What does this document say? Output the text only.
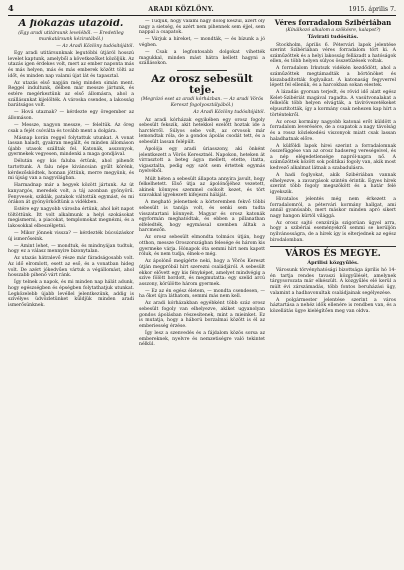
4	ARADI KÖZLÖNY.	1915. április 7.

A fiókazás utazóid.

(Egy aradi utitársunk leveléből. — Eredetileg munkatársunk kéziratából.)

— Az Aradi Közlöny tudósítójától.

Egy aradi utitársunknak legutóbbi útjáról hosszú levelet kaptunk, amelyből a következőket közöljük. Az utazás igen érdekes volt, mert az ember naponta más és más helyen, más és más emberek között tölti az időt, és minden nap valami újat lát és tapasztal.

Az utazás első napján még minden simán ment. Reggel indultunk, délben már messze jártunk, és estére megérkeztünk az első állomásra, ahol a szállásunkat kijelölték. A városka csendes, a lakosság barátságos volt.

— Hová utaznak? — kérdezte egy öregember az állomáson.

— Messze, nagyon messze, — feleltük. Az öreg csak a fejét csóválta és tovább ment a dolgára.

Másnap korán reggel folytattuk utunkat. A vonat lassan haladt, gyakran megállt, és minden állomáson újabb utasok szálltak fel. Katonák, asszonyok, gyermekek vegyesen, mindenki a maga gondjával.

Délután egy kis faluba értünk, ahol pihenőt tartottunk. A falu népe kiváncsian gyűlt körénk, kérdezősködtek, honnan jöttünk, merre megyünk, és mi újság van a nagyvilágban.

Harmadnap már a hegyek között jártunk. Az út kanyargós, meredek volt, a táj azonban gyönyörű. Fenyvesek, sziklák, patakok váltották egymást, és mi órákon át gyönyörködtünk a vidékben.

Estére egy nagyobb városba értünk, ahol két napot töltöttünk. Itt volt alkalmunk a helyi szokásokat megismerni, a piacokat, templomokat megnézni, és a lakosokkal elbeszélgetni.

— Mikor jönnek vissza? — kérdezték búcsúzáskor új ismerőseink.

— Amint lehet, — mondtuk, és mindnyájan tudtuk, hogy ez a válasz mennyire bizonytalan.

Az utazás hátralevő része már fáradságosabb volt. Az idő elromlott, esett az eső, és a vonatban hideg volt. De azért jókedvűen vártuk a végállomást, ahol hosszabb pihenő várt ránk.

Így telnek a napok, és mi minden nap hálát adunk, hogy egészségben és épségben folytathatjuk utunkat. Legközelebb újabb levéllel jelentkezünk, addig is szívélyes üdvözletünket küldjük minden aradi ismerősünknek.

— Tudjuk, hogy valami nagy dolog készül, azért oly nagy a sietség, és azért nem pihennek sem éjjel, sem nappal a csapatok.

— Várjuk a híreket, — mondták, — és bízunk a jó végben.

— Csak a legfontosabb dolgokat vihették magukkal, minden mást hátra kellett hagyni a szállásokon.

Az orosz sebesült teje.

(Megrázó eset az aradi kórházban. — Az aradi Vörös Kereszt fogolyosztályából.)

Az Aradi Közlöny tudósítójától.

Az aradi kórházak egyikében egy orosz fogoly sebesült fekszik, akit hetekkel ezelőtt hoztak ide a harctérről. Súlyos sebe volt, az orvosok már lemondtak róla, de a gondos ápolás csodát tett, és a sebesült lassan felépült.

Ápolója egy aradi úriasszony, aki önként jelentkezett a Vörös Keresztnél. Napokon, heteken át virrasztott a beteg ágya mellett, etette, itatta, vigasztalta, pedig egy szót sem értettek egymás nyelvéből.

Múlt héten a sebesült állapota annyira javult, hogy felkelhetett. Első útja az ápolónőjéhez vezetett, akinek könnyes szemmel csókolt kezet, és tört szavakkal igyekezett kifejezni háláját.

A megható jelenetnek a kórteremben fekvő többi sebesült is tanúja volt, és senki sem tudta visszatartani könnyeit. Magyar és orosz katonák egyformán meghatódtak, és ebben a pillanatban elfeledték, hogy egymással szemben álltak a harcmezőn.

Az orosz sebesült elmondta tolmács útján, hogy otthon, messze Oroszországban felesége és három kis gyermeke várja. Hónapok óta semmi hírt nem kapott róluk, és nem tudja, élnek-e még.

Az ápolónő megígérte neki, hogy a Vörös Kereszt útján megpróbál hírt szerezni családjáról. A sebesült ekkor elővett egy kis fényképet, amelyet mindvégig a szíve fölött hordott, és megmutatta: egy szelíd arcú asszony, körülötte három gyermek.

— Ez az én egész életem, — mondta csendesen, — ha őket újra láthatom, semmi más nem kell.

Az aradi kórházakban egyébként több száz orosz sebesült fogoly van elhelyezve, akiket ugyanolyan gondos ápolásban részesítenek, mint a mieinket. Ez is mutatja, hogy a háború borzalmai között is él az emberiesség érzése.

Így lesz a szenvedés és a fájdalom közös sorsa az embereknek, nyelvre és nemzetiségre való tekintet nélkül.

Véres forradalom Szibériában

(Kínálkozó alkalom a szökésre, kalapot?)

Távirati tudósítás.

Stockholm, április 6. Pétervári lapok jelentése szerint Szibériában véres forradalom tört ki. A száműzöttek és a helyi lakosság fellázadt a hatóságok ellen, és több helyen súlyos összetűzések voltak.

A forradalom Irkutszk vidékén kezdődött, ahol a száműzöttek megtámadták a börtönöket és kiszabadították foglyaikat. A katonaság fegyverrel lépett fel ellenük, és a harcokban sokan elestek.

A lázadás gyorsan terjedt, és rövid idő alatt egész Kelet-Szibériát magával ragadta. A vasútvonalakat a felkelők több helyen elvágták, a távíróvezetékeket elpusztították, így a kormány csak nehezen kap hírt a történtekről.

Az orosz kormány nagyobb katonai erőt küldött a forradalom leverésére, de a csapatok a nagy távolság és a rossz közlekedési viszonyok miatt csak lassan haladhatnak előre.

A külföldi lapok hírei szerint a forradalomnak összefüggése van az orosz hadsereg vereségeivel, és a nép elégedetlensége napról-napra nő. A száműzöttek között sok politikai fogoly van, akik most kedvező alkalmat látnak a szabadulásra.

A hadi foglyokat, akik Szibériában vannak elhelyezve, a zavargások szintén érintik. Egyes hírek szerint több fogoly megszökött és a határ felé igyekszik.

Hivatalos jelentés még nem érkezett a forradalomról, a pétervári kormány hallgat, ami annál gyanúsabb, mert máskor minden apró sikert nagy hangon kürtöl világgá.

Az orosz sajtó cenzúrája szigorúan ügyel arra, hogy a szibériai eseményekről semmi se kerüljön nyilvánosságra, de a hírek így is elterjednek az egész birodalomban.

VÁROS ÉS MEGYE.

Áprilisi közgyűlés.

Városunk törvényhatósági bizottsága április hó 14-én tartja rendes tavaszi közgyűlését, amelynek tárgysorozata már elkészült. A közgyűlés elé kerül a múlt évi zárszámadás, több fontos beruházási ügy, valamint a hadbavonultak családjainak segélyezése.

A polgármester jelentése szerint a város háztartása a nehéz idők ellenére is rendben van, és a közellátás ügye kielégítően meg van oldva.
